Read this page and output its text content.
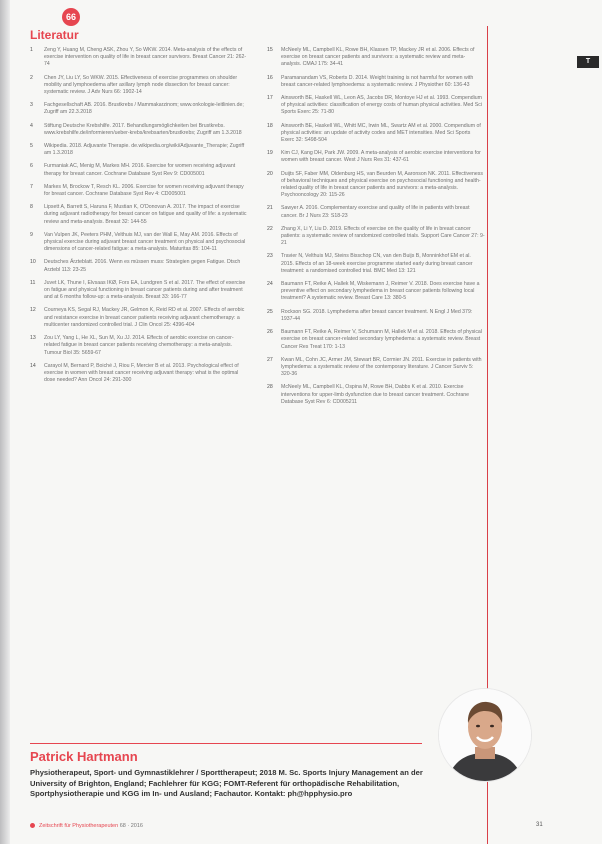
T
66
Literatur
1	Zeng Y, Huang M, Cheng ASK, Zhou Y, So WKW. 2014. Meta-analysis of the effects of exercise intervention on quality of life in breast cancer survivors. Breast Cancer 21: 262-74
2	Chen JY, Liu LY, So WKW. 2015. Effectiveness of exercise programmes on shoulder mobility and lymphoedema after axillary lymph node dissection for breast cancer: systematic review. J Adv Nurs 66: 1902-14
3	Fachgesellschaft AB. 2016. Brustkrebs / Mammakarzinom; www.onkologie-leitlinien.de; Zugriff am 22.3.2018
4	Stiftung Deutsche Krebshilfe. 2017. Behandlungsmöglichkeiten bei Brustkrebs. www.krebshilfe.de/informieren/ueber-krebs/krebsarten/brustkrebs; Zugriff am 1.3.2018
5	Wikipedia. 2018. Adjuvante Therapie. de.wikipedia.org/wiki/Adjuvante_Therapie; Zugriff am 1.3.2018
6	Furmaniak AC, Menig M, Markes MH. 2016. Exercise for women receiving adjuvant therapy for breast cancer. Cochrane Database Syst Rev 9: CD005001
7	Markes M, Brockow T, Resch KL. 2006. Exercise for women receiving adjuvant therapy for breast cancer. Cochrane Database Syst Rev 4: CD005001
8	Lipsett A, Barrett S, Haruna F, Mustian K, O'Donovan A. 2017. The impact of exercise during adjuvant radiotherapy for breast cancer on fatigue and quality of life: a systematic review and meta-analysis. Breast 32: 144-55
9	Van Vulpen JK, Peeters PHM, Velthuis MJ, van der Wall E, May AM. 2016. Effects of physical exercise during adjuvant breast cancer treatment on physical and psychosocial dimensions of cancer-related fatigue: a meta-analysis. Maturitas 85: 104-11
10	Deutsches Ärzteblatt. 2016. Wenn es müssen muss: Strategien gegen Fatigue. Dtsch Arztebl 113: 23-25
11	Juvet LK, Thune I, Elvsaas IKØ, Fors EA, Lundgren S et al. 2017. The effect of exercise on fatigue and physical functioning in breast cancer patients during and after treatment and at 6 months follow-up: a meta-analysis. Breast 33: 166-77
12	Courneya KS, Segal RJ, Mackey JR, Gelmon K, Reid RD et al. 2007. Effects of aerobic and resistance exercise in breast cancer patients receiving adjuvant chemotherapy: a multicenter randomized controlled trial. J Clin Oncol 25: 4396-404
13	Zou LY, Yang L, He XL, Sun M, Xu JJ. 2014. Effects of aerobic exercise on cancer-related fatigue in breast cancer patients receiving chemotherapy: a meta-analysis. Tumour Biol 35: 5659-67
14	Carayol M, Bernard P, Boiché J, Riou F, Mercier B et al. 2013. Psychological effect of exercise in women with breast cancer receiving adjuvant therapy: what is the optimal dose needed? Ann Oncol 24: 291-300
15	McNeely ML, Campbell KL, Rowe BH, Klassen TP, Mackey JR et al. 2006. Effects of exercise on breast cancer patients and survivors: a systematic review and meta-analysis. CMAJ 175: 34-41
16	Paramanandam VS, Roberts D. 2014. Weight training is not harmful for women with breast cancer-related lymphoedema: a systematic review. J Physiother 60: 136-43
17	Ainsworth BE, Haskell WL, Leon AS, Jacobs DR, Montoye HJ et al. 1993. Compendium of physical activities: classification of energy costs of human physical activities. Med Sci Sports Exerc 25: 71-80
18	Ainsworth BE, Haskell WL, Whitt MC, Irwin ML, Swartz AM et al. 2000. Compendium of physical activities: an update of activity codes and MET intensities. Med Sci Sports Exerc 32: S498-504
19	Kim CJ, Kang DH, Park JW. 2009. A meta-analysis of aerobic exercise interventions for women with breast cancer. West J Nurs Res 31: 437-61
20	Duijts SF, Faber MM, Oldenburg HS, van Beurden M, Aaronson NK. 2011. Effectiveness of behavioral techniques and physical exercise on psychosocial functioning and health-related quality of life in breast cancer patients and survivors: a meta-analysis. Psychooncology 20: 115-26
21	Sawyer A. 2016. Complementary exercise and quality of life in patients with breast cancer. Br J Nurs 23: S18-23
22	Zhang X, Li Y, Liu D. 2019. Effects of exercise on the quality of life in breast cancer patients: a systematic review of randomized controlled trials. Support Care Cancer 27: 9-21
23	Travier N, Velthuis MJ, Steins Bisschop CN, van den Buijs B, Monninkhof EM et al. 2015. Effects of an 18-week exercise programme started early during breast cancer treatment: a randomised controlled trial. BMC Med 13: 121
24	Baumann FT, Reike A, Hallek M, Wiskemann J, Reimer V. 2018. Does exercise have a preventive effect on secondary lymphedema in breast cancer patients following local treatment? A systematic review. Breast Care 13: 380-5
25	Rockson SG. 2018. Lymphedema after breast cancer treatment. N Engl J Med 379: 1937-44
26	Baumann FT, Reike A, Reimer V, Schumann M, Hallek M et al. 2018. Effects of physical exercise on breast cancer-related secondary lymphedema: a systematic review. Breast Cancer Res Treat 170: 1-13
27	Kwan ML, Cohn JC, Armer JM, Stewart BR, Cormier JN. 2011. Exercise in patients with lymphedema: a systematic review of the contemporary literature. J Cancer Surviv 5: 320-36
28	McNeely ML, Campbell KL, Ospina M, Rowe BH, Dabbs K et al. 2010. Exercise interventions for upper-limb dysfunction due to breast cancer treatment. Cochrane Database Syst Rev 6: CD005211
Patrick Hartmann
Physiotherapeut, Sport- und Gymnastiklehrer / Sporttherapeut; 2018 M. Sc. Sports Injury Management an der University of Brighton, England; Fachlehrer für KGG; FOMT-Referent für orthopädische Rehabilitation, Sportphysiotherapie und KGG im In- und Ausland; Fachautor. Kontakt: ph@hpphysio.pro
Zeitschrift für Physiotherapeuten 68 · 2016	31
